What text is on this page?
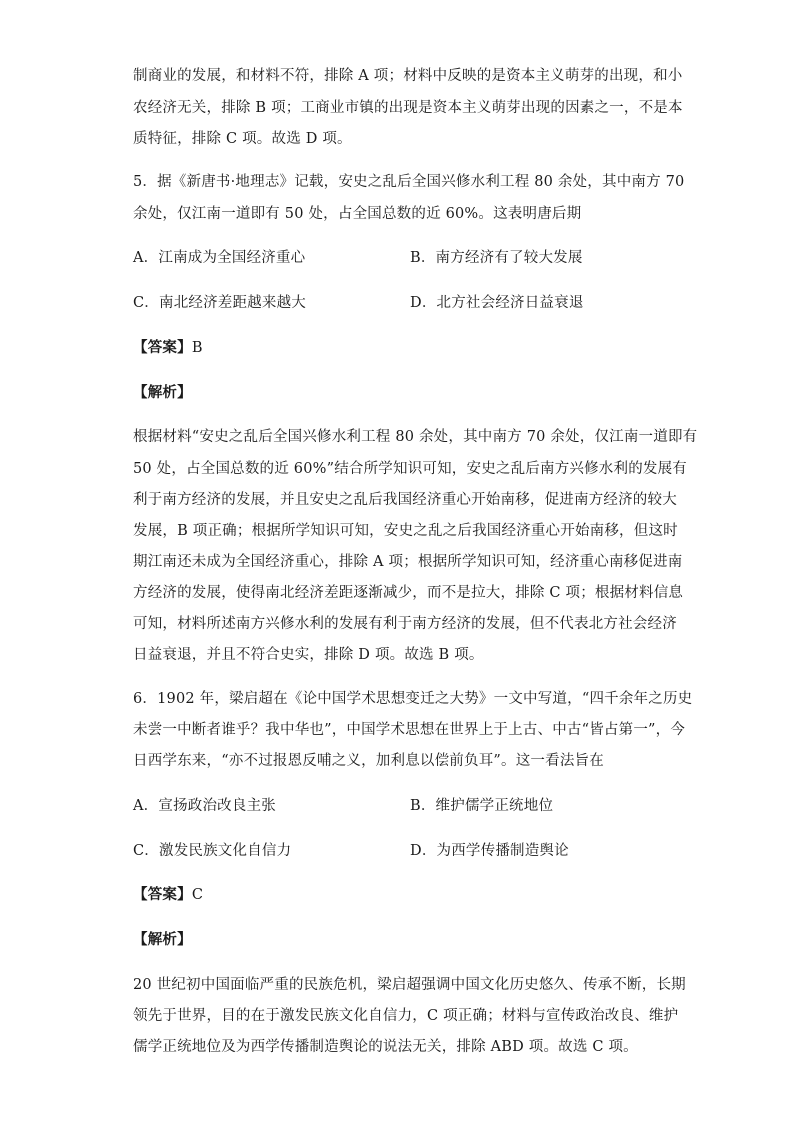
制商业的发展，和材料不符，排除 A 项；材料中反映的是资本主义萌芽的出现，和小
农经济无关，排除 B 项；工商业市镇的出现是资本主义萌芽出现的因素之一，不是本
质特征，排除 C 项。故选 D 项。
5．据《新唐书·地理志》记载，安史之乱后全国兴修水利工程 80 余处，其中南方 70
余处，仅江南一道即有 50 处，占全国总数的近 60%。这表明唐后期
A．江南成为全国经济重心	B．南方经济有了较大发展
C．南北经济差距越来越大	D．北方社会经济日益衰退
【答案】B
【解析】
根据材料“安史之乱后全国兴修水利工程 80 余处，其中南方 70 余处，仅江南一道即有
50 处，占全国总数的近 60%”结合所学知识可知，安史之乱后南方兴修水利的发展有
利于南方经济的发展，并且安史之乱后我国经济重心开始南移，促进南方经济的较大
发展，B 项正确；根据所学知识可知，安史之乱之后我国经济重心开始南移，但这时
期江南还未成为全国经济重心，排除 A 项；根据所学知识可知，经济重心南移促进南
方经济的发展，使得南北经济差距逐渐减少，而不是拉大，排除 C 项；根据材料信息
可知，材料所述南方兴修水利的发展有利于南方经济的发展，但不代表北方社会经济
日益衰退，并且不符合史实，排除 D 项。故选 B 项。
6．1902 年，梁启超在《论中国学术思想变迁之大势》一文中写道，“四千余年之历史
未尝一中断者谁乎？我中华也”，中国学术思想在世界上于上古、中古“皆占第一”，今
日西学东来，“亦不过报恩反哺之义，加利息以偿前负耳”。这一看法旨在
A．宣扬政治改良主张	B．维护儒学正统地位
C．激发民族文化自信力	D．为西学传播制造舆论
【答案】C
【解析】
20 世纪初中国面临严重的民族危机，梁启超强调中国文化历史悠久、传承不断，长期
领先于世界，目的在于激发民族文化自信力，C 项正确；材料与宣传政治改良、维护
儒学正统地位及为西学传播制造舆论的说法无关，排除 ABD 项。故选 C 项。
